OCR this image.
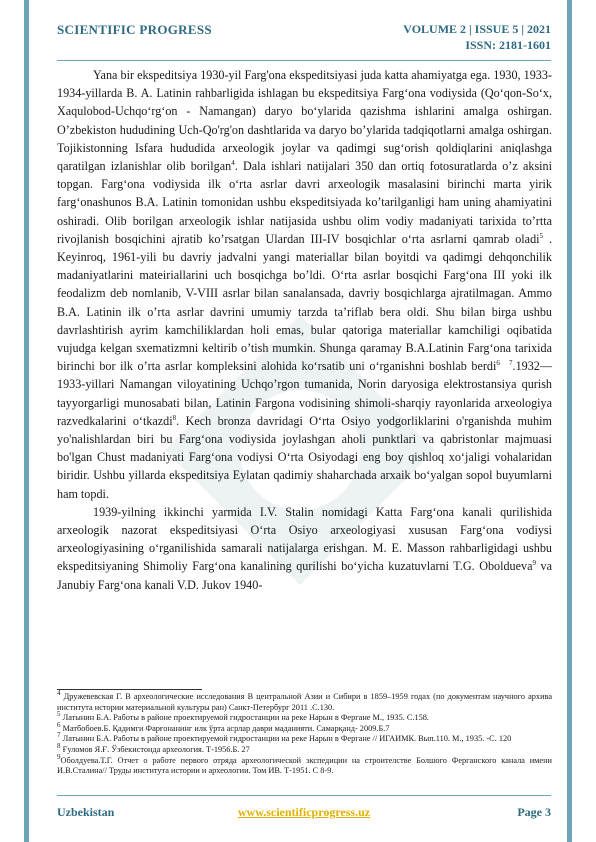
SCIENTIFIC PROGRESS	VOLUME 2 | ISSUE 5 | 2021
ISSN: 2181-1601

Yana bir ekspeditsiya 1930-yil Farg'ona ekspeditsiyasi juda katta ahamiyatga ega. 1930, 1933-1934-yillarda B. A. Latinin rahbarligida ishlagan bu ekspeditsiya Farg‘ona vodiysida (Qo‘qon-So‘x, Xaqulobod-Uchqo‘rg‘on - Namangan) daryo bo‘ylarida qazishma ishlarini amalga oshirgan. O’zbekiston hududining Uch-Qo'rg'on dashtlarida va daryo bo’ylarida tadqiqotlarni amalga oshirgan. Tojikistonning Isfara hududida arxeologik joylar va qadimgi sug‘orish qoldiqlarini aniqlashga qaratilgan izlanishlar olib borilgan$^4$. Dala ishlari natijalari 350 dan ortiq fotosuratlarda o’z aksini topgan. Farg‘ona vodiysida ilk o‘rta asrlar davri arxeologik masalasini birinchi marta yirik farg‘onashunos B.A. Latinin tomonidan ushbu ekspeditsiyada ko’tarilganligi ham uning ahamiyatini oshiradi. Olib borilgan arxeologik ishlar natijasida ushbu olim vodiy madaniyati tarixida to’rtta rivojlanish bosqichini ajratib ko’rsatgan Ulardan III-IV bosqichlar o‘rta asrlarni qamrab oladi$^5$ . Keyinroq, 1961-yili bu davriy jadvalni yangi materiallar bilan boyitdi va qadimgi dehqonchilik madaniyatlarini mateiriallarini uch bosqichga bo’ldi. O‘rta asrlar bosqichi Farg‘ona III yoki ilk feodalizm deb nomlanib, V-VIII asrlar bilan sanalansada, davriy bosqichlarga ajratilmagan. Ammo B.A. Latinin ilk o’rta asrlar davrini umumiy tarzda ta’riflab bera oldi. Shu bilan birga ushbu davrlashtirish ayrim kamchiliklardan holi emas, bular qatoriga materiallar kamchiligi oqibatida vujudga kelgan sxematizmni keltirib o’tish mumkin. Shunga qaramay B.A.Latinin Farg‘ona tarixida birinchi bor ilk o’rta asrlar kompleksini alohida ko‘rsatib uni o‘rganishni boshlab berdi$^6$ $^7$.1932—1933-yillari Namangan viloyatining Uchqo’rgon tumanida, Norin daryosiga elektrostansiya qurish tayyorgarligi munosabati bilan, Latinin Fargona vodisining shimoli-sharqiy rayonlarida arxeologiya razvedkalarini o‘tkazdi$^8$. Kech bronza davridagi O‘rta Osiyo yodgorliklarini o'rganishda muhim yo'nalishlardan biri bu Farg‘ona vodiysida joylashgan aholi punktlari va qabristonlar majmuasi bo'lgan Chust madaniyati Farg‘ona vodiysi O‘rta Osiyodagi eng boy qishloq xo‘jaligi vohalaridan biridir. Ushbu yillarda ekspeditsiya Eylatan qadimiy shaharchada arxaik bo‘yalgan sopol buyumlarni ham topdi.

1939-yilning ikkinchi yarmida I.V. Stalin nomidagi Katta Farg‘ona kanali qurilishida arxeologik nazorat ekspeditsiyasi O‘rta Osiyo arxeologiyasi xususan Farg‘ona vodiysi arxeologiyasining o‘rganilishida samarali natijalarga erishgan. M. E. Masson rahbarligidagi ushbu ekspeditsiyaning Shimoliy Farg‘ona kanalining qurilishi bo‘yicha kuzatuvlarni T.G. Oboldueva$^9$ va Janubiy Farg‘ona kanali V.D. Jukov 1940-

$^4$ Дружевевская Г. В археологические исследования В центральной Азии и Сибири в 1859–1959 годах (по документам научного архива института истории материальной культуры ран) Санкт-Петербург 2011 .С.130.
$^5$ Латынин Б.А. Работы в районе проектируемой гидростанции на реке Нарын в Фергане М., 1935. С.158.
$^6$ Матбобоев.Б. Қадимги Фарғонанинг илк ўрта асрлар даври маданияти. Самарқанд- 2009.Б.7
$^7$ Латынин Б.А. Работы в районе проектируемой гидростанции на реке Нарын в Фергане // ИГАИМК. Вып.110. М., 1935. -С. 120
$^8$ Ғуломов Я.Ғ. Ўзбекистонда археология. Т-1956.Б. 27
$^9$Оболдуева.Т.Г. Отчет о работе первого отряда археологической экспедиции на строителстве Болшого Ферганского канала имени И.В.Сталина// Труды института истории и археологии. Том ИВ. Т-1951. С 8-9.
Uzbekistan	www.scientificprogress.uz	Page 3
